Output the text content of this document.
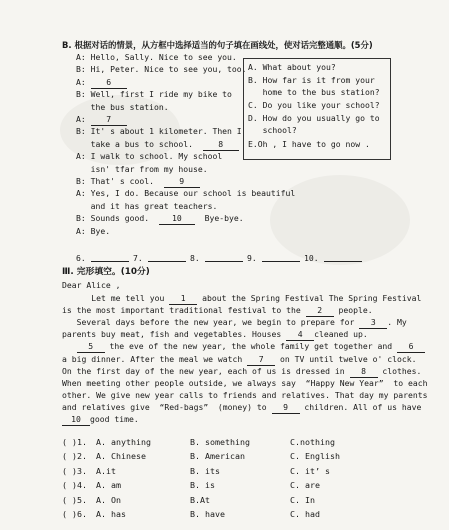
B. 根据对话的情景，从方框中选择适当的句子填在画线处，使对话完整通顺。(5分)
A: Hello, Sally. Nice to see you.
B: Hi, Peter. Nice to see you, too.
A: 6
B: Well, first I ride my bike to
the bus station.
A: 7
B: It' s about 1 kilometer. Then I
take a bus to school.  8
A: I walk to school. My school
isn' tfar from my house.
B: That' s cool.  9
A: Yes, I do. Because our school is beautiful
and it has great teachers.
B: Sounds good.  10  Bye-bye.
A: Bye.
A. What about you?
B. How far is it from your
home to the bus station?
C. Do you like your school?
D. How do you usually go to
school?
E.Oh , I have to go now .
6.	7.	8.	9.	10.
Ⅲ. 完形填空。(10分)
Dear Alice ,
Let me tell you 1 about the Spring Festival The Spring Festival
is the most important traditional festival to the 2 people.
Several days before the new year, we begin to prepare for 3 . My
parents buy meat, fish and vegetables. Houses 4 cleaned up.
5 the eve of the new year, the whole family get together and 6
a big dinner. After the meal we watch 7 on TV until twelve o' clock.
On the first day of the new year, each of us is dressed in 8 clothes.
When meeting other people outside, we always say  “Happy New Year”  to each
other. We give new year calls to friends and relatives. That day my parents
and relatives give  “Red-bags”  (money) to 9 children. All of us have
10 good time.
( )1. A. anything	B. something	C.nothing
( )2. A. Chinese	B. American	C. English
( )3. A.it	B. its	C. it’ s
( )4. A. am	B. is	C. are
( )5. A. On	B.At	C. In
( )6. A. has	B. have	C. had
